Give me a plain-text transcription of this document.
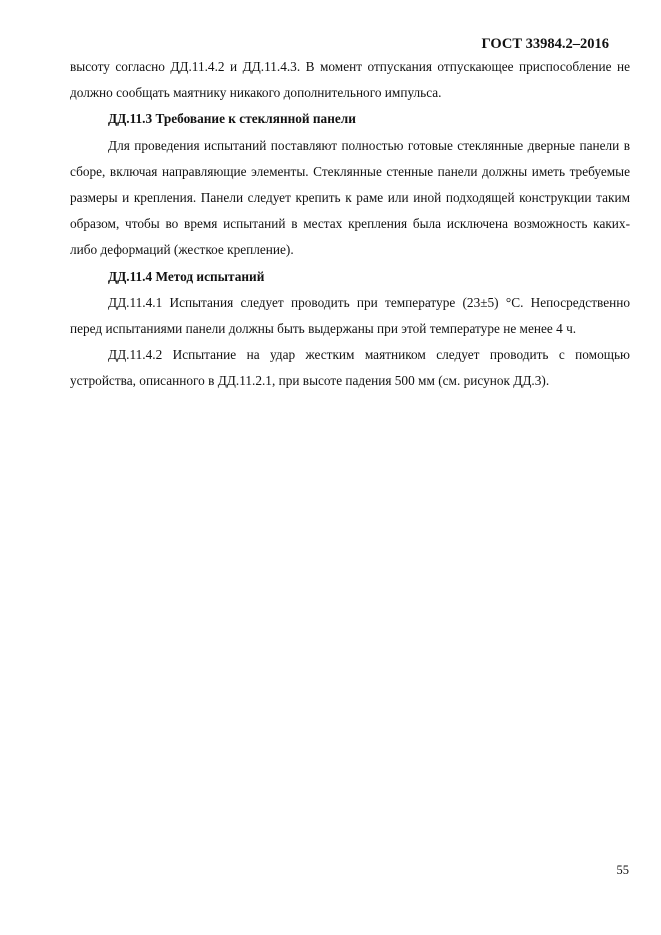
ГОСТ 33984.2–2016

высоту согласно ДД.11.4.2 и ДД.11.4.3. В момент отпускания отпускающее приспособление не должно сообщать маятнику никакого дополнительного импульса.

ДД.11.3 Требование к стеклянной панели

Для проведения испытаний поставляют полностью готовые стеклянные дверные панели в сборе, включая направляющие элементы. Стеклянные стенные панели должны иметь требуемые размеры и крепления. Панели следует крепить к раме или иной подходящей конструкции таким образом, чтобы во время испытаний в местах крепления была исключена возможность каких-либо деформаций (жесткое крепление).

ДД.11.4 Метод испытаний

ДД.11.4.1 Испытания следует проводить при температуре (23±5) °С. Непосредственно перед испытаниями панели должны быть выдержаны при этой температуре не менее 4 ч.

ДД.11.4.2 Испытание на удар жестким маятником следует проводить с помощью устройства, описанного в ДД.11.2.1, при высоте падения 500 мм (см. рисунок ДД.3).

55
